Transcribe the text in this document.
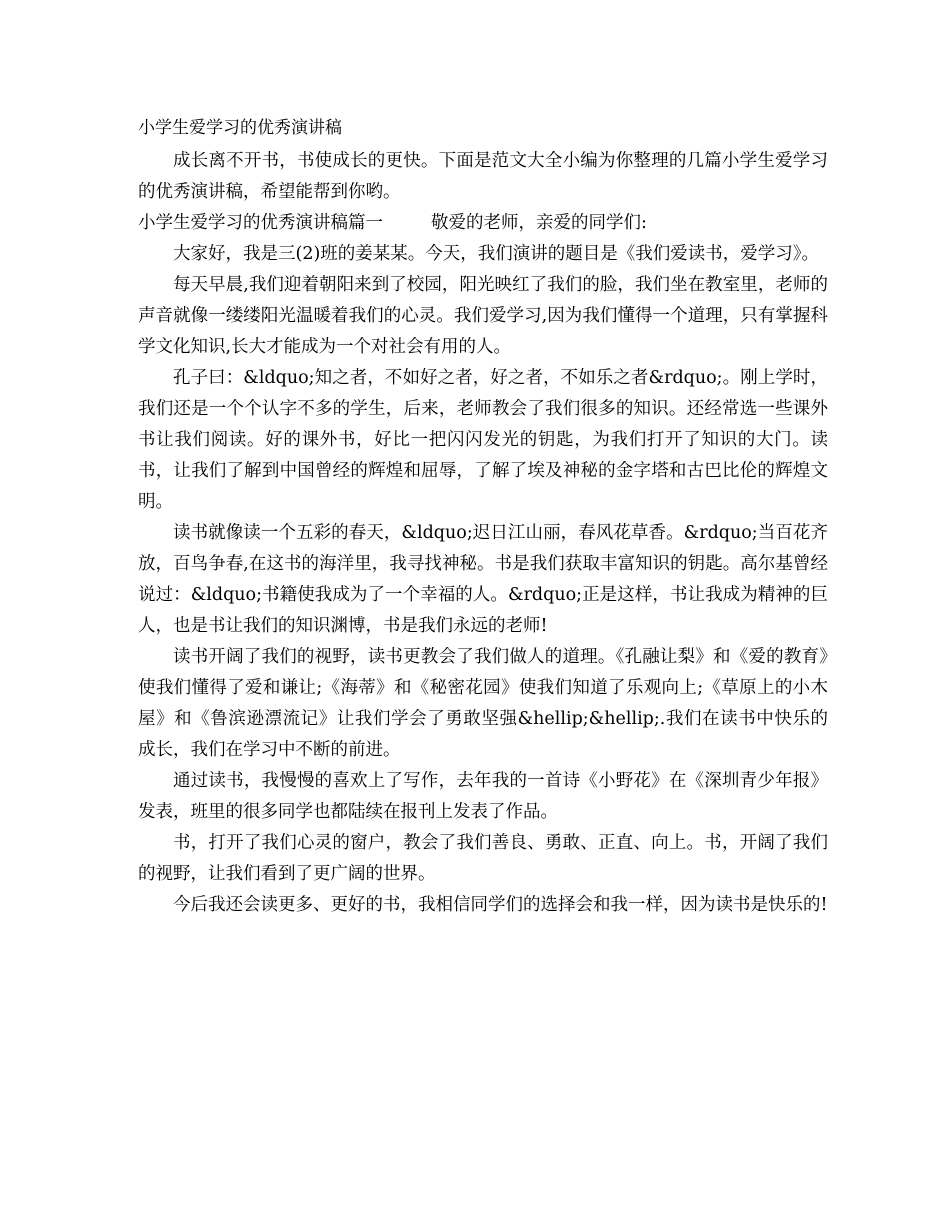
小学生爱学习的优秀演讲稿

成长离不开书，书使成长的更快。下面是范文大全小编为你整理的几篇小学生爱学习的优秀演讲稿，希望能帮到你哟。

小学生爱学习的优秀演讲稿篇一	敬爱的老师，亲爱的同学们:

大家好，我是三(2)班的姜某某。今天，我们演讲的题目是《我们爱读书，爱学习》。

每天早晨,我们迎着朝阳来到了校园，阳光映红了我们的脸，我们坐在教室里，老师的声音就像一缕缕阳光温暖着我们的心灵。我们爱学习,因为我们懂得一个道理，只有掌握科学文化知识,长大才能成为一个对社会有用的人。

孔子曰：&ldquo;知之者，不如好之者，好之者，不如乐之者&rdquo;。刚上学时，我们还是一个个认字不多的学生，后来，老师教会了我们很多的知识。还经常选一些课外书让我们阅读。好的课外书，好比一把闪闪发光的钥匙，为我们打开了知识的大门。读书，让我们了解到中国曾经的辉煌和屈辱，了解了埃及神秘的金字塔和古巴比伦的辉煌文明。

读书就像读一个五彩的春天，&ldquo;迟日江山丽，春风花草香。&rdquo;当百花齐放，百鸟争春,在这书的海洋里，我寻找神秘。书是我们获取丰富知识的钥匙。高尔基曾经说过：&ldquo;书籍使我成为了一个幸福的人。&rdquo;正是这样，书让我成为精神的巨人，也是书让我们的知识渊博，书是我们永远的老师!

读书开阔了我们的视野，读书更教会了我们做人的道理。《孔融让梨》和《爱的教育》使我们懂得了爱和谦让;《海蒂》和《秘密花园》使我们知道了乐观向上;《草原上的小木屋》和《鲁滨逊漂流记》让我们学会了勇敢坚强&hellip;&hellip;.我们在读书中快乐的成长，我们在学习中不断的前进。

通过读书，我慢慢的喜欢上了写作，去年我的一首诗《小野花》在《深圳青少年报》发表，班里的很多同学也都陆续在报刊上发表了作品。

书，打开了我们心灵的窗户，教会了我们善良、勇敢、正直、向上。书，开阔了我们的视野，让我们看到了更广阔的世界。

今后我还会读更多、更好的书，我相信同学们的选择会和我一样，因为读书是快乐的!
